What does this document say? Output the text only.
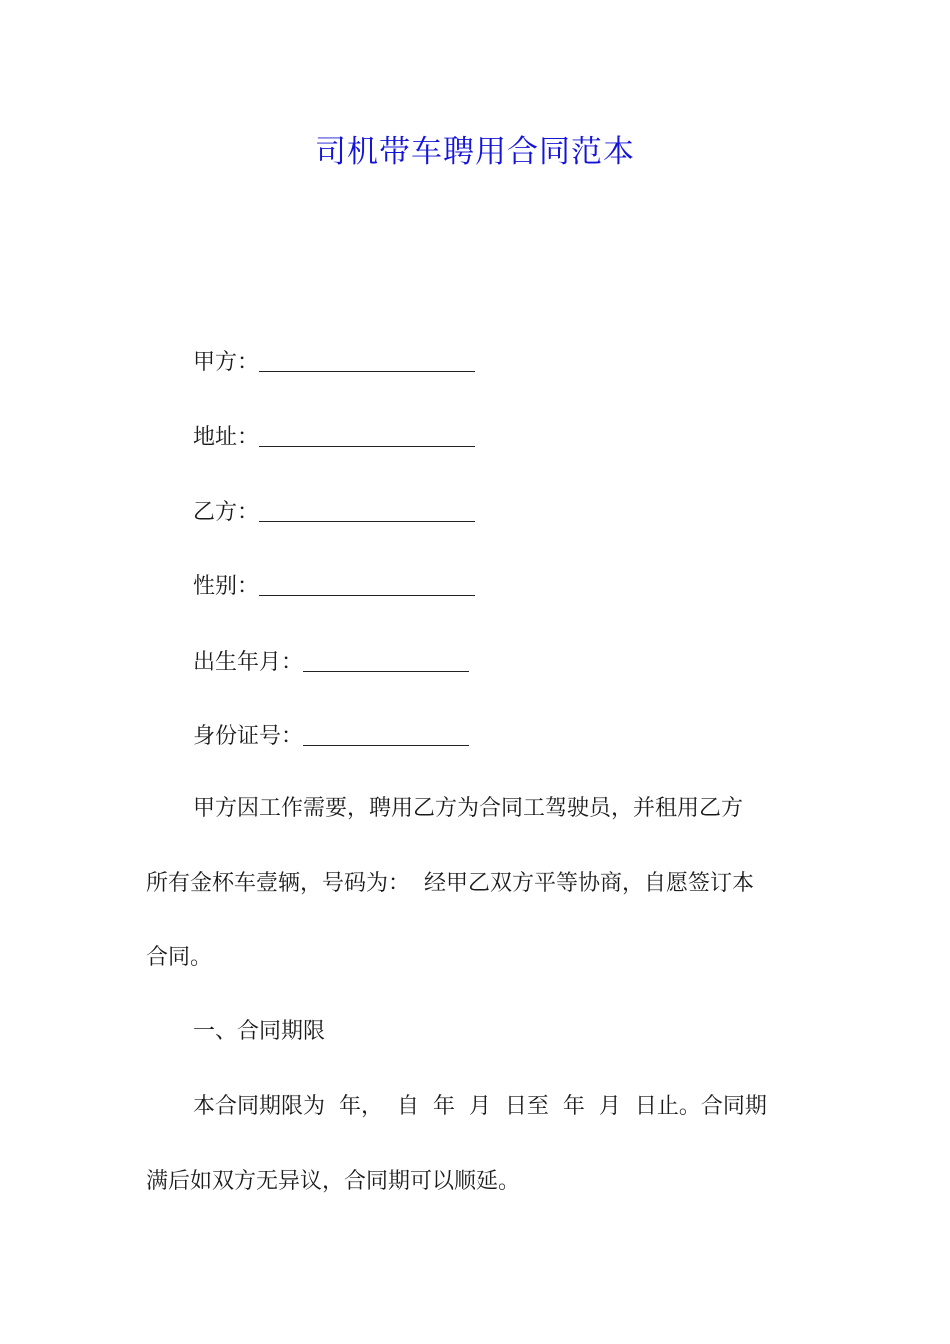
司机带车聘用合同范本
甲方：
地址：
乙方：
性别：
出生年月：
身份证号：
甲方因工作需要，聘用乙方为合同工驾驶员，并租用乙方
所有金杯车壹辆，号码为：  经甲乙双方平等协商，自愿签订本
合同。
一、合同期限
本合同期限为  年，  自  年  月  日至  年  月  日止。合同期
满后如双方无异议，合同期可以顺延。
